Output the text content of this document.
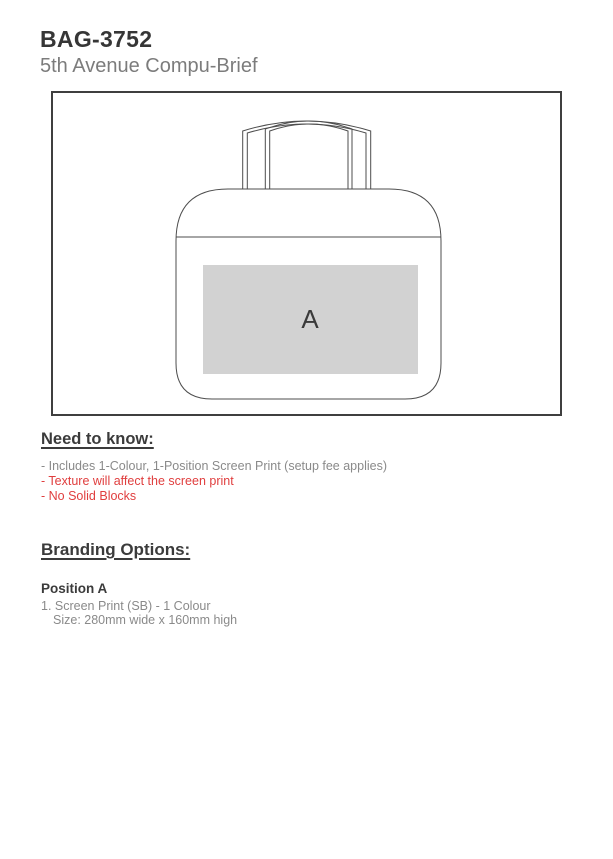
BAG-3752
5th Avenue Compu-Brief
A
Need to know:
- Includes 1-Colour, 1-Position Screen Print (setup fee applies)
- Texture will affect the screen print
- No Solid Blocks
Branding Options:
Position A
1. Screen Print (SB) - 1 Colour
Size: 280mm wide x 160mm high
